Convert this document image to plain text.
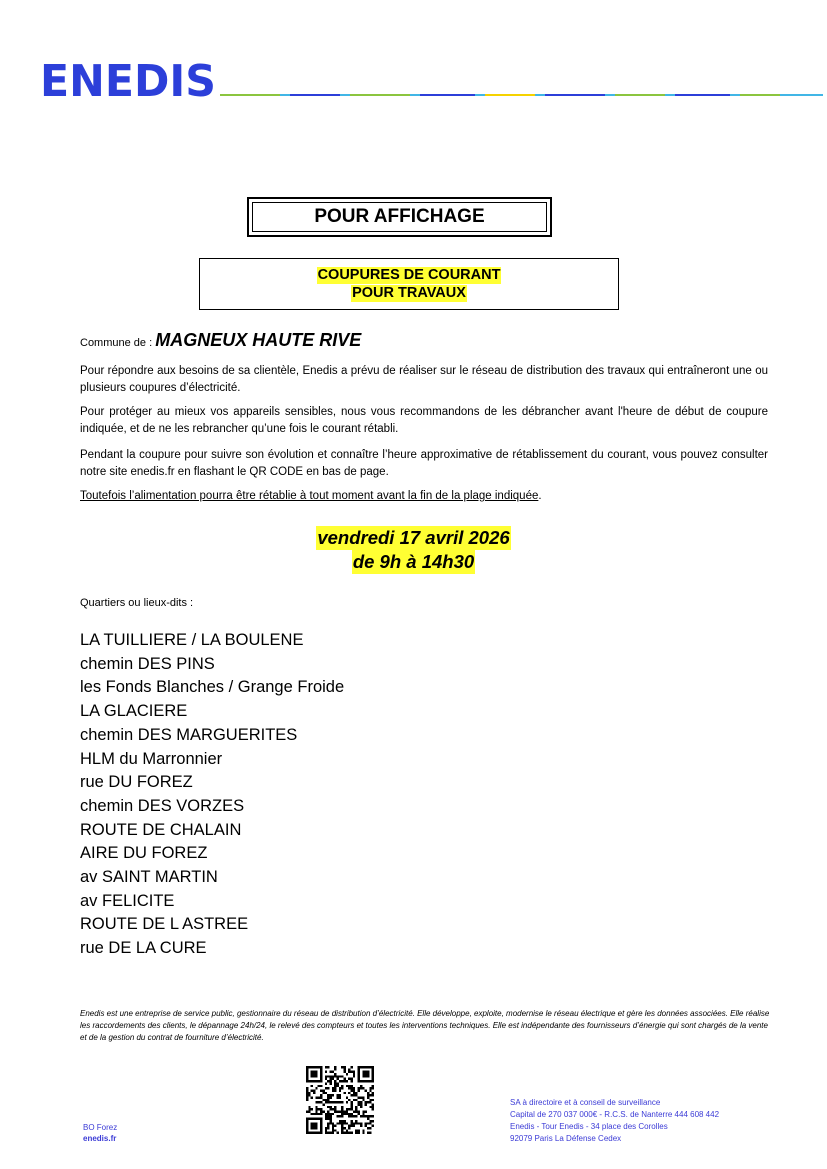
ENEDIS
POUR AFFICHAGE
COUPURES DE COURANT
POUR TRAVAUX
Commune de : MAGNEUX HAUTE RIVE
Pour répondre aux besoins de sa clientèle, Enedis a prévu de réaliser sur le réseau de distribution des travaux qui entraîneront une ou plusieurs coupures d’électricité.
Pour protéger au mieux vos appareils sensibles, nous vous recommandons de les débrancher avant l'heure de début de coupure indiquée, et de ne les rebrancher qu’une fois le courant rétabli.
Pendant la coupure pour suivre son évolution et connaître l’heure approximative de rétablissement du courant, vous pouvez consulter notre site enedis.fr en flashant le QR CODE en bas de page.
Toutefois l’alimentation pourra être rétablie à tout moment avant la fin de la plage indiquée.
vendredi 17 avril 2026
de 9h à 14h30
Quartiers ou lieux-dits :
LA TUILLIERE / LA BOULENE
chemin DES PINS
les Fonds Blanches / Grange Froide
LA GLACIERE
chemin DES MARGUERITES
HLM du Marronnier
rue DU FOREZ
chemin DES VORZES
ROUTE DE CHALAIN
AIRE DU FOREZ
av SAINT MARTIN
av FELICITE
ROUTE DE L ASTREE
rue DE LA CURE
Enedis est une entreprise de service public, gestionnaire du réseau de distribution d’électricité. Elle développe, exploite, modernise le réseau électrique et gère les données associées. Elle réalise les raccordements des clients, le dépannage 24h/24, le relevé des compteurs et toutes les interventions techniques. Elle est indépendante des fournisseurs d’énergie qui sont chargés de la vente et de la gestion du contrat de fourniture d’électricité.
BO Forez
enedis.fr
SA à directoire et à conseil de surveillance
Capital de 270 037 000€ - R.C.S. de Nanterre 444 608 442
Enedis - Tour Enedis - 34 place des Corolles
92079 Paris La Défense Cedex
